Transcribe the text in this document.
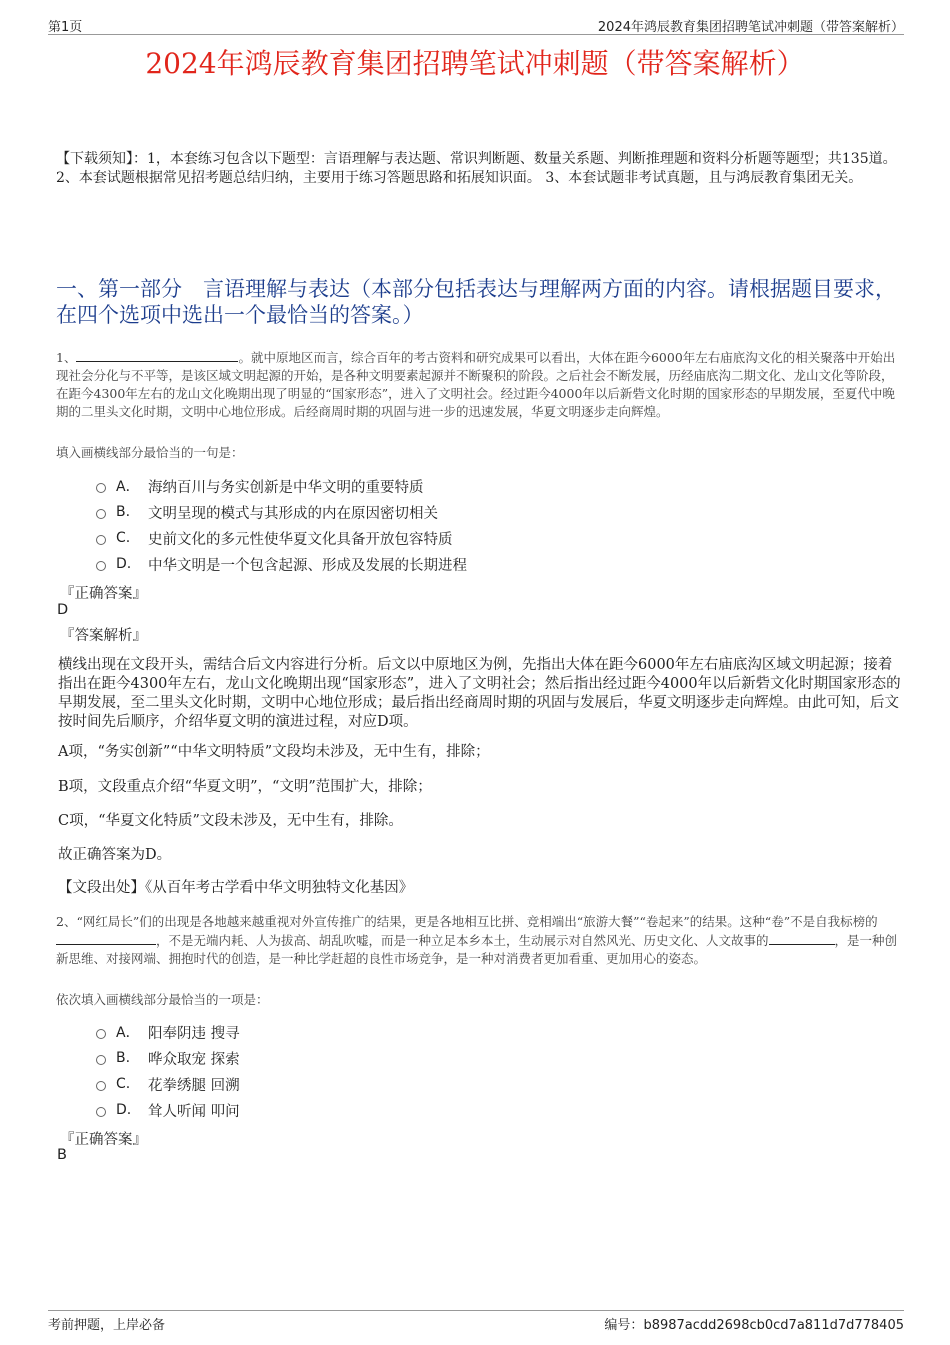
第1页	2024年鸿辰教育集团招聘笔试冲刺题（带答案解析）
2024年鸿辰教育集团招聘笔试冲刺题（带答案解析）
【下载须知】：1，本套练习包含以下题型：言语理解与表达题、常识判断题、数量关系题、判断推理题和资料分析题等题型；共135道。 2、本套试题根据常见招考题总结归纳，主要用于练习答题思路和拓展知识面。 3、本套试题非考试真题，且与鸿辰教育集团无关。
一、第一部分　言语理解与表达（本部分包括表达与理解两方面的内容。请根据题目要求，在四个选项中选出一个最恰当的答案。）
1、	。就中原地区而言，综合百年的考古资料和研究成果可以看出，大体在距今6000年左右庙底沟文化的相关聚落中开始出现社会分化与不平等，是该区域文明起源的开始，是各种文明要素起源并不断聚积的阶段。之后社会不断发展，历经庙底沟二期文化、龙山文化等阶段，在距今4300年左右的龙山文化晚期出现了明显的“国家形态”，进入了文明社会。经过距今4000年以后新砦文化时期的国家形态的早期发展，至夏代中晚期的二里头文化时期，文明中心地位形成。后经商周时期的巩固与进一步的迅速发展，华夏文明逐步走向辉煌。
填入画横线部分最恰当的一句是：
A． 海纳百川与务实创新是中华文明的重要特质
B.	文明呈现的模式与其形成的内在原因密切相关
C.	史前文化的多元性使华夏文化具备开放包容特质
D.	中华文明是一个包含起源、形成及发展的长期进程
『正确答案』
D
『答案解析』
横线出现在文段开头，需结合后文内容进行分析。后文以中原地区为例，先指出大体在距今6000年左右庙底沟区域文明起源；接着指出在距今4300年左右，龙山文化晚期出现“国家形态”，进入了文明社会；然后指出经过距今4000年以后新砦文化时期国家形态的早期发展，至二里头文化时期，文明中心地位形成；最后指出经商周时期的巩固与发展后，华夏文明逐步走向辉煌。由此可知，后文按时间先后顺序，介绍华夏文明的演进过程，对应D项。
A项，“务实创新”“中华文明特质”文段均未涉及，无中生有，排除；
B项，文段重点介绍“华夏文明”，“文明”范围扩大，排除；
C项，“华夏文化特质”文段未涉及，无中生有，排除。
故正确答案为D。
【文段出处】《从百年考古学看中华文明独特文化基因》
2、“网红局长”们的出现是各地越来越重视对外宣传推广的结果，更是各地相互比拼、竞相端出“旅游大餐”“卷起来”的结果。这种“卷”不是自我标榜的，不是无端内耗、人为拔高、胡乱吹嘘，而是一种立足本乡本土，生动展示对自然风光、历史文化、人文故事的	，是一种创新思维、对接网端、拥抱时代的创造，是一种比学赶超的良性市场竞争，是一种对消费者更加看重、更加用心的姿态。
依次填入画横线部分最恰当的一项是：
A． 阳奉阴违 搜寻
B.	哗众取宠 探索
C.	花拳绣腿 回溯
D.	耸人听闻 叩问
『正确答案』
B
考前押题，上岸必备	编号：b8987acdd2698cb0cd7a811d7d778405
